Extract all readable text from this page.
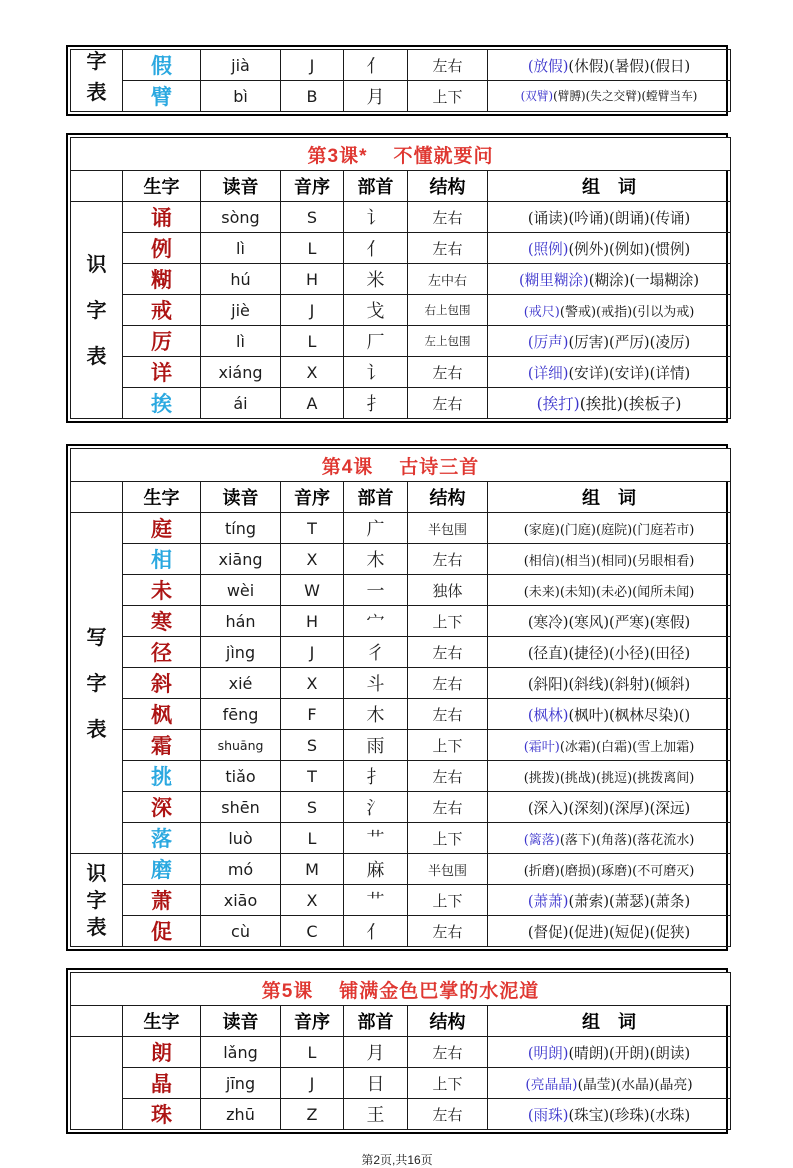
字
表	假	jià	J	亻	左右	(放假)(休假)(暑假)(假日)
	臂	bì	B	月	上下	(双臂)(臂膊)(失之交臂)(螳臂当车)
第3课* 不懂就要问						
	生字	读音	音序	部首	结构	组　词

识
字
表	诵	sòng	S	讠	左右	(诵读)(吟诵)(朗诵)(传诵)
	例	lì	L	亻	左右	(照例)(例外)(例如)(惯例)
	糊	hú	H	米	左中右	(糊里糊涂)(糊涂)(一塌糊涂)
	戒	jiè	J	戈	右上包围	(戒尺)(警戒)(戒指)(引以为戒)
	厉	lì	L	厂	左上包围	(厉声)(厉害)(严厉)(凌厉)
	详	xiáng	X	讠	左右	(详细)(安详)(安详)(详情)
	挨	ái	A	扌	左右	(挨打)(挨批)(挨板子)
第4课 古诗三首						
	生字	读音	音序	部首	结构	组　词

写
字
表	庭	tíng	T	广	半包围	(家庭)(门庭)(庭院)(门庭若市)
	相	xiāng	X	木	左右	(相信)(相当)(相同)(另眼相看)
	未	wèi	W	一	独体	(未来)(未知)(未必)(闻所未闻)
	寒	hán	H	宀	上下	(寒冷)(寒风)(严寒)(寒假)
	径	jìng	J	彳	左右	(径直)(捷径)(小径)(田径)
	斜	xié	X	斗	左右	(斜阳)(斜线)(斜射)(倾斜)
	枫	fēng	F	木	左右	(枫林)(枫叶)(枫林尽染)()
	霜	shuāng	S	雨	上下	(霜叶)(冰霜)(白霜)(雪上加霜)
	挑	tiǎo	T	扌	左右	(挑拨)(挑战)(挑逗)(挑拨离间)
	深	shēn	S	氵	左右	(深入)(深刻)(深厚)(深远)
	落	luò	L	艹	上下	(篱落)(落下)(角落)(落花流水)

识
字
表	磨	mó	M	麻	半包围	(折磨)(磨损)(琢磨)(不可磨灭)
	萧	xiāo	X	艹	上下	(萧萧)(萧索)(萧瑟)(萧条)
	促	cù	C	亻	左右	(督促)(促进)(短促)(促狭)
第5课 铺满金色巴掌的水泥道						
	生字	读音	音序	部首	结构	组　词

	朗	lǎng	L	月	左右	(明朗)(晴朗)(开朗)(朗读)
	晶	jīng	J	日	上下	(亮晶晶)(晶莹)(水晶)(晶亮)
	珠	zhū	Z	王	左右	(雨珠)(珠宝)(珍珠)(水珠)
第2页,共16页
